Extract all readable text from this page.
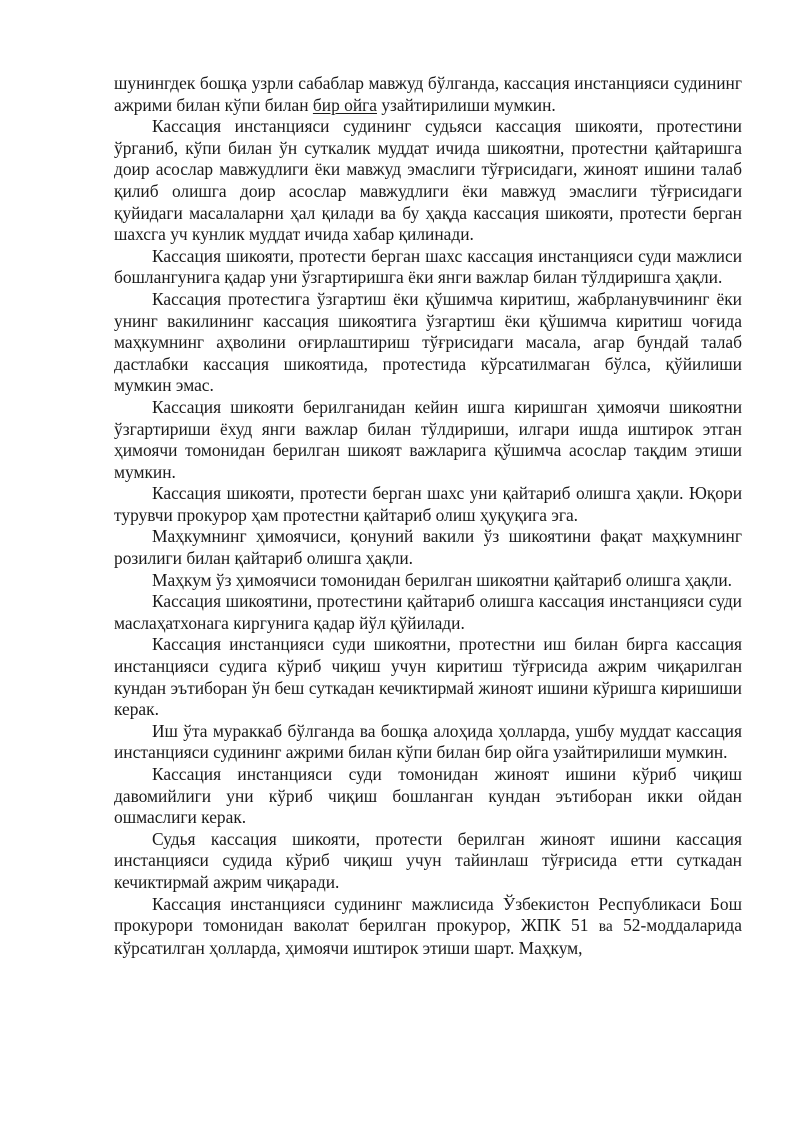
шунингдек бошқа узрли сабаблар мавжуд бўлганда, кассация инстанцияси судининг ажрими билан кўпи билан бир ойга узайтирилиши мумкин.

Кассация инстанцияси судининг судьяси кассация шикояти, протестини ўрганиб, кўпи билан ўн суткалик муддат ичида шикоятни, протестни қайтаришга доир асослар мавжудлиги ёки мавжуд эмаслиги тўғрисидаги, жиноят ишини талаб қилиб олишга доир асослар мавжудлиги ёки мавжуд эмаслиги тўғрисидаги қуйидаги масалаларни ҳал қилади ва бу ҳақда кассация шикояти, протести берган шахсга уч кунлик муддат ичида хабар қилинади.

Кассация шикояти, протести берган шахс кассация инстанцияси суди мажлиси бошлангунига қадар уни ўзгартиришга ёки янги важлар билан тўлдиришга ҳақли.

Кассация протестига ўзгартиш ёки қўшимча киритиш, жабрланувчининг ёки унинг вакилининг кассация шикоятига ўзгартиш ёки қўшимча киритиш чоғида маҳкумнинг аҳволини оғирлаштириш тўғрисидаги масала, агар бундай талаб дастлабки кассация шикоятида, протестида кўрсатилмаган бўлса, қўйилиши мумкин эмас.

Кассация шикояти берилганидан кейин ишга киришган ҳимоячи шикоятни ўзгартириши ёхуд янги важлар билан тўлдириши, илгари ишда иштирок этган ҳимоячи томонидан берилган шикоят важларига қўшимча асослар тақдим этиши мумкин.

Кассация шикояти, протести берган шахс уни қайтариб олишга ҳақли. Юқори турувчи прокурор ҳам протестни қайтариб олиш ҳуқуқига эга.

Маҳкумнинг ҳимоячиси, қонуний вакили ўз шикоятини фақат маҳкумнинг розилиги билан қайтариб олишга ҳақли.

Маҳкум ўз ҳимоячиси томонидан берилган шикоятни қайтариб олишга ҳақли.

Кассация шикоятини, протестини қайтариб олишга кассация инстанцияси суди маслаҳатхонага киргунига қадар йўл қўйилади.

Кассация инстанцияси суди шикоятни, протестни иш билан бирга кассация инстанцияси судига кўриб чиқиш учун киритиш тўғрисида ажрим чиқарилган кундан эътиборан ўн беш суткадан кечиктирмай жиноят ишини кўришга киришиши керак.

Иш ўта мураккаб бўлганда ва бошқа алоҳида ҳолларда, ушбу муддат кассация инстанцияси судининг ажрими билан кўпи билан бир ойга узайтирилиши мумкин.

Кассация инстанцияси суди томонидан жиноят ишини кўриб чиқиш давомийлиги уни кўриб чиқиш бошланган кундан эътиборан икки ойдан ошмаслиги керак.

Судья кассация шикояти, протести берилган жиноят ишини кассация инстанцияси судида кўриб чиқиш учун тайинлаш тўғрисида етти суткадан кечиктирмай ажрим чиқаради.

Кассация инстанцияси судининг мажлисида Ўзбекистон Республикаси Бош прокурори томонидан ваколат берилган прокурор, ЖПК 51 ва 52-моддаларида кўрсатилган ҳолларда, ҳимоячи иштирок этиши шарт. Маҳкум,
